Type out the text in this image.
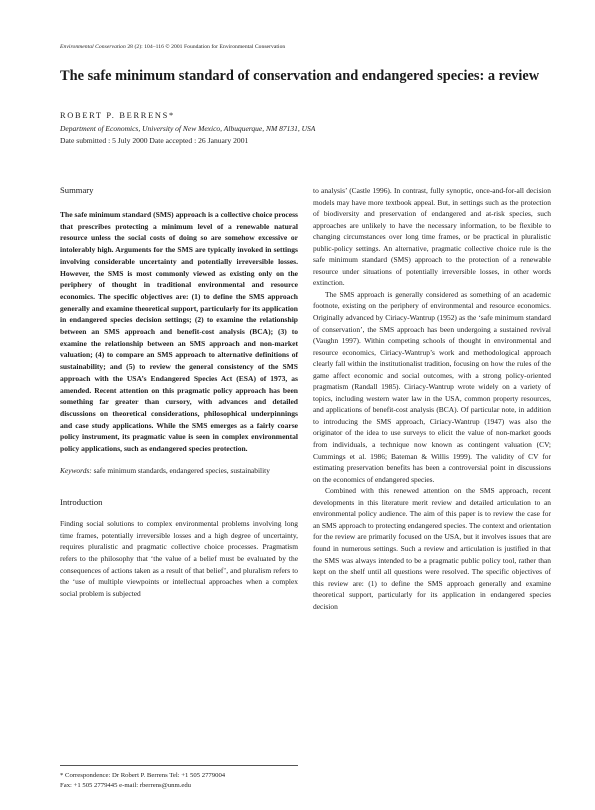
Environmental Conservation 28 (2): 104–116 © 2001 Foundation for Environmental Conservation
The safe minimum standard of conservation and endangered species: a review
ROBERT P. BERRENS*
Department of Economics, University of New Mexico, Albuquerque, NM 87131, USA
Date submitted : 5 July 2000 Date accepted : 26 January 2001
Summary

The safe minimum standard (SMS) approach is a collective choice process that prescribes protecting a minimum level of a renewable natural resource unless the social costs of doing so are somehow excessive or intolerably high. Arguments for the SMS are typically invoked in settings involving considerable uncertainty and potentially irreversible losses. However, the SMS is most commonly viewed as existing only on the periphery of thought in traditional environmental and resource economics. The specific objectives are: (1) to define the SMS approach generally and examine theoretical support, particularly for its application in endangered species decision settings; (2) to examine the relationship between an SMS approach and benefit-cost analysis (BCA); (3) to examine the relationship between an SMS approach and non-market valuation; (4) to compare an SMS approach to alternative definitions of sustainability; and (5) to review the general consistency of the SMS approach with the USA’s Endangered Species Act (ESA) of 1973, as amended. Recent attention on this pragmatic policy approach has been something far greater than cursory, with advances and detailed discussions on theoretical considerations, philosophical underpinnings and case study applications. While the SMS emerges as a fairly coarse policy instrument, its pragmatic value is seen in complex environmental policy applications, such as endangered species protection.

Keywords: safe minimum standards, endangered species, sustainability

Introduction

Finding social solutions to complex environmental problems involving long time frames, potentially irreversible losses and a high degree of uncertainty, requires pluralistic and pragmatic collective choice processes. Pragmatism refers to the philosophy that ‘the value of a belief must be evaluated by the consequences of actions taken as a result of that belief’, and pluralism refers to the ‘use of multiple viewpoints or intellectual approaches when a complex social problem is subjected

* Correspondence: Dr Robert P. Berrens Tel: +1 505 2779004
Fax: +1 505 2779445 e-mail: rberrens@unm.edu

to analysis’ (Castle 1996). In contrast, fully synoptic, once-and-for-all decision models may have more textbook appeal. But, in settings such as the protection of biodiversity and preservation of endangered and at-risk species, such approaches are unlikely to have the necessary information, to be flexible to changing circumstances over long time frames, or be practical in pluralistic public-policy settings. An alternative, pragmatic collective choice rule is the safe minimum standard (SMS) approach to the protection of a renewable resource under situations of potentially irreversible losses, in other words extinction.

The SMS approach is generally considered as something of an academic footnote, existing on the periphery of environmental and resource economics. Originally advanced by Ciriacy-Wantrup (1952) as the ‘safe minimum standard of conservation’, the SMS approach has been undergoing a sustained revival (Vaughn 1997). Within competing schools of thought in environmental and resource economics, Ciriacy-Wantrup’s work and methodological approach clearly fall within the institutionalist tradition, focusing on how the rules of the game affect economic and social outcomes, with a strong policy-oriented pragmatism (Randall 1985). Ciriacy-Wantrup wrote widely on a variety of topics, including western water law in the USA, common property resources, and applications of benefit-cost analysis (BCA). Of particular note, in addition to introducing the SMS approach, Ciriacy-Wantrup (1947) was also the originator of the idea to use surveys to elicit the value of non-market goods from individuals, a technique now known as contingent valuation (CV; Cummings et al. 1986; Bateman & Willis 1999). The validity of CV for estimating preservation benefits has been a controversial point in discussions on the economics of endangered species.

Combined with this renewed attention on the SMS approach, recent developments in this literature merit review and detailed articulation to an environmental policy audience. The aim of this paper is to review the case for an SMS approach to protecting endangered species. The context and orientation for the review are primarily focused on the USA, but it involves issues that are found in numerous settings. Such a review and articulation is justified in that the SMS was always intended to be a pragmatic public policy tool, rather than kept on the shelf until all questions were resolved. The specific objectives of this review are: (1) to define the SMS approach generally and examine theoretical support, particularly for its application in endangered species decision
